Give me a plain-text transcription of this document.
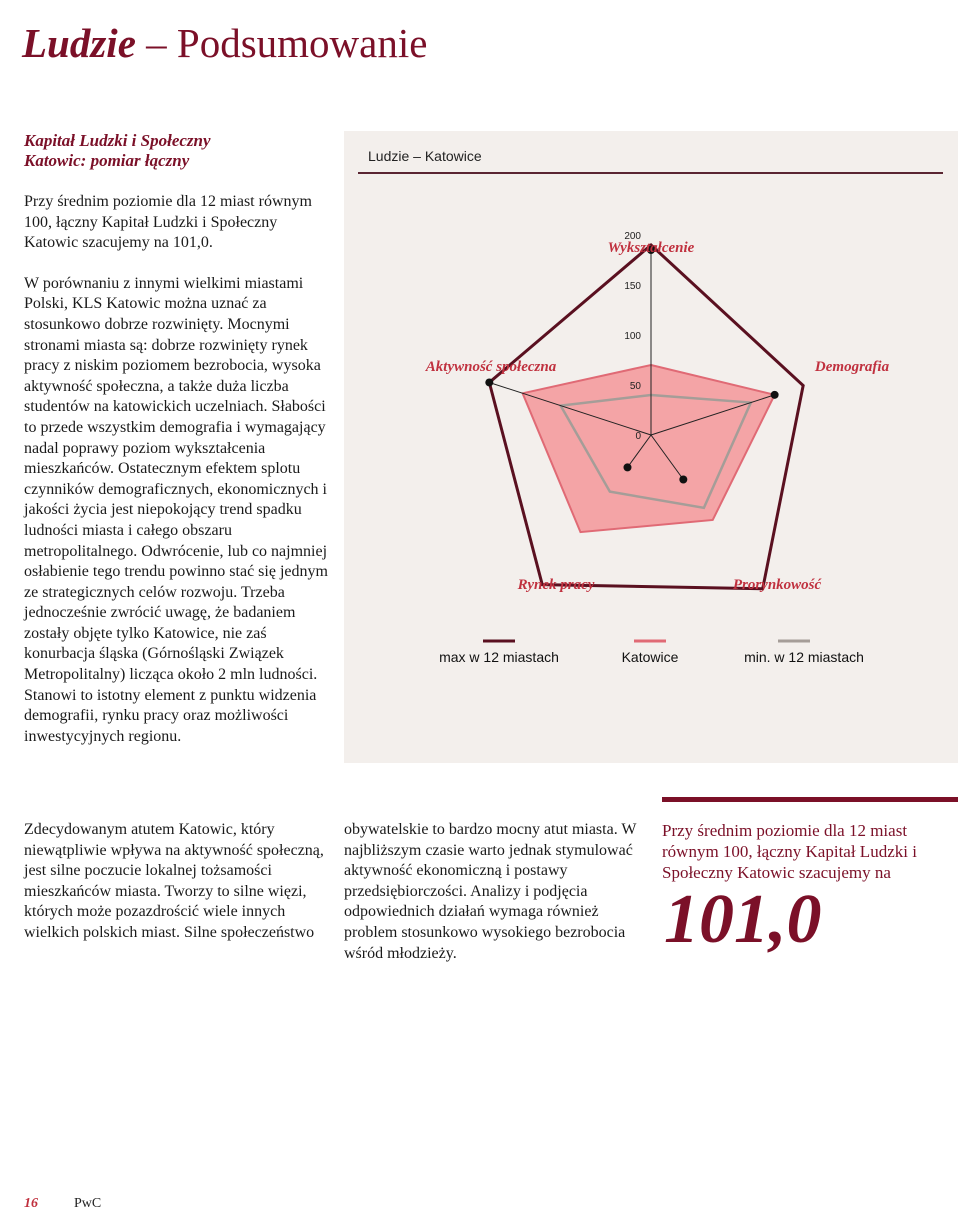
Ludzie – Podsumowanie
Kapitał Ludzki i Społeczny
Katowic: pomiar łączny

Przy średnim poziomie dla 12 miast równym 100, łączny Kapitał Ludzki i Społeczny Katowic szacujemy na 101,0.

W porównaniu z innymi wielkimi miastami Polski, KLS Katowic można uznać za stosunkowo dobrze rozwinięty. Mocnymi stronami miasta są: dobrze rozwinięty rynek pracy z niskim poziomem bezrobocia, wysoka aktywność społeczna, a także duża liczba studentów na katowickich uczelniach. Słabości to przede wszystkim demografia i wymagający nadal poprawy poziom wykształcenia mieszkańców. Ostatecznym efektem splotu czynników demograficznych, ekonomicznych i jakości życia jest niepokojący trend spadku ludności miasta i całego obszaru metropolitalnego. Odwrócenie, lub co najmniej osłabienie tego trendu powinno stać się jednym ze strategicznych celów rozwoju. Trzeba jednocześnie zwrócić uwagę, że badaniem zostały objęte tylko Katowice, nie zaś konurbacja śląska (Górnośląski Związek Metropolitalny) licząca około 2 mln ludności. Stanowi to istotny element z punktu widzenia demografii, rynku pracy oraz możliwości inwestycyjnych regionu.

Ludzie – Katowice
0
50
100
150
200
Wykształcenie
Demografia
Prorynkowość
Rynek pracy
Aktywność społeczna
max w 12 miastach	Katowice	min. w 12 miastach

Zdecydowanym atutem Katowic, który niewątpliwie wpływa na aktywność społeczną, jest silne poczucie lokalnej tożsamości mieszkańców miasta. Tworzy to silne więzi, których może pozazdrościć wiele innych wielkich polskich miast. Silne społeczeństwo

obywatelskie to bardzo mocny atut miasta. W najbliższym czasie warto jednak stymulować aktywność ekonomiczną i postawy przedsiębiorczości. Analizy i podjęcia odpowiednich działań wymaga również problem stosunkowo wysokiego bezrobocia wśród młodzieży.

Przy średnim poziomie dla 12 miast równym 100, łączny Kapitał Ludzki i Społeczny Katowic szacujemy na
101,0
16	PwC
